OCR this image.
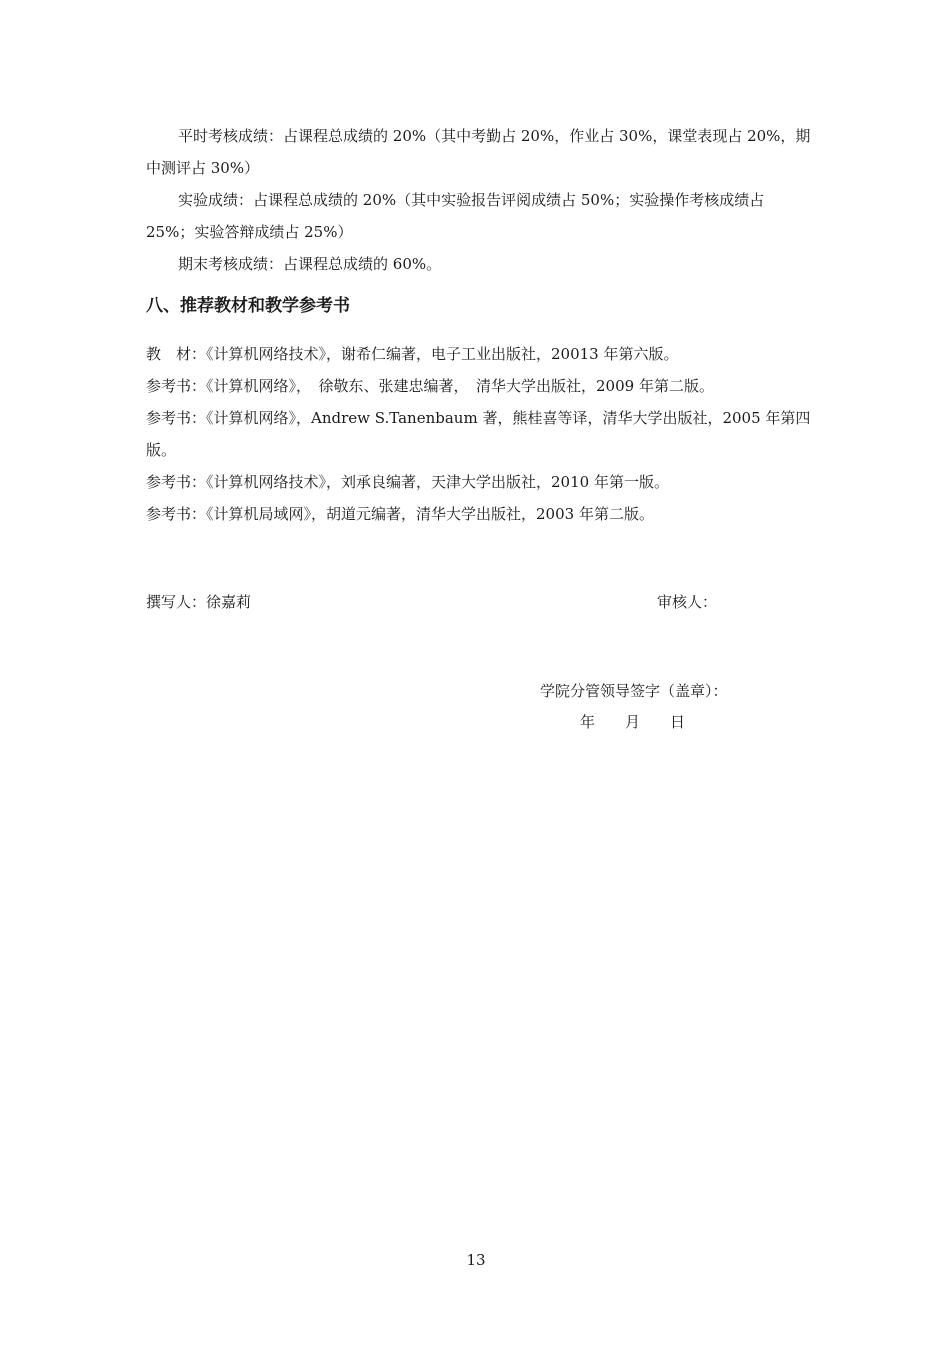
平时考核成绩：占课程总成绩的 20%（其中考勤占 20%，作业占 30%，课堂表现占 20%，期中测评占 30%）

实验成绩：占课程总成绩的 20%（其中实验报告评阅成绩占 50%；实验操作考核成绩占 25%；实验答辩成绩占 25%）

期末考核成绩：占课程总成绩的 60%。

八、推荐教材和教学参考书
教　材：《计算机网络技术》，谢希仁编著，电子工业出版社，20013 年第六版。
参考书：《计算机网络》，　徐敬东、张建忠编著，　清华大学出版社，2009 年第二版。
参考书：《计算机网络》，Andrew S.Tanenbaum 著，熊桂喜等译，清华大学出版社，2005 年第四版。
参考书：《计算机网络技术》，刘承良编著，天津大学出版社，2010 年第一版。
参考书：《计算机局域网》，胡道元编著，清华大学出版社，2003 年第二版。
撰写人：徐嘉莉	审核人：
学院分管领导签字（盖章）：
年　　月　　日
13
